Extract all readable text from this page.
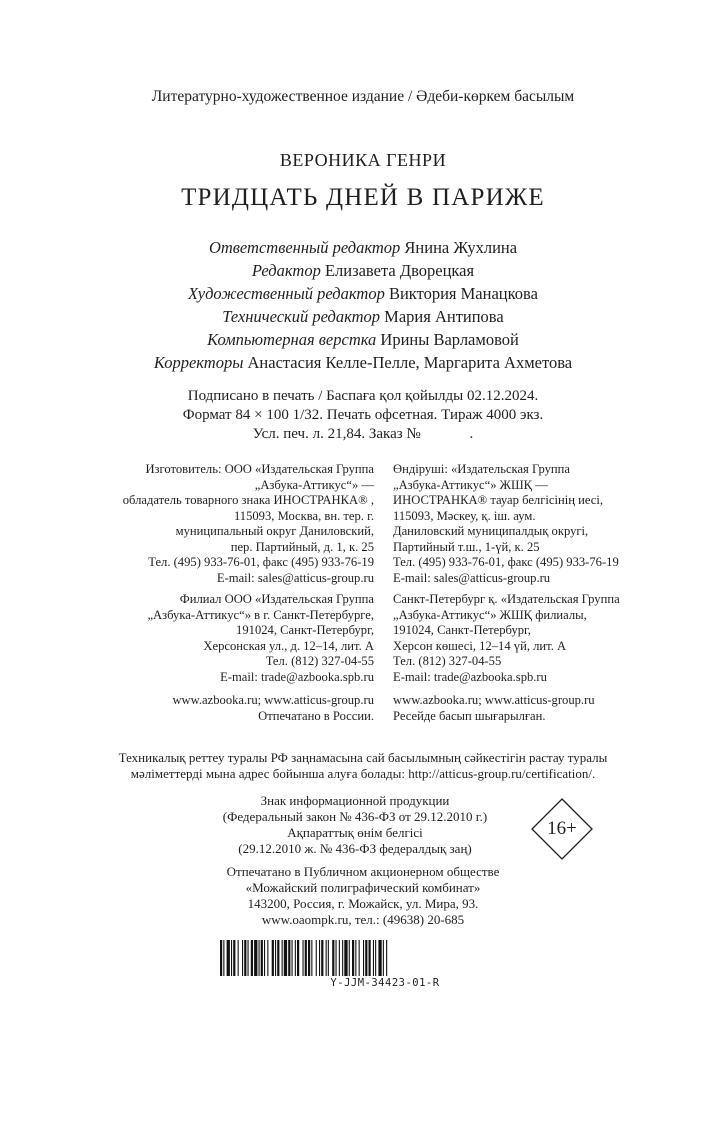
Литературно-художественное издание / Әдеби-көркем басылым
ВЕРОНИКА ГЕНРИ
ТРИДЦАТЬ ДНЕЙ В ПАРИЖЕ
Ответственный редактор Янина Жухлина
Редактор Елизавета Дворецкая
Художественный редактор Виктория Манацкова
Технический редактор Мария Антипова
Компьютерная верстка Ирины Варламовой
Корректоры Анастасия Келле-Пелле, Маргарита Ахметова
Подписано в печать / Баспаға қол қойылды 02.12.2024.
Формат 84 × 100 1/32. Печать офсетная. Тираж 4000 экз.
Усл. печ. л. 21,84. Заказ №             .
Изготовитель: ООО «Издательская Группа
„Азбука-Аттикус“» —
обладатель товарного знака ИНОСТРАНКА® ,
115093, Москва, вн. тер. г.
муниципальный округ Даниловский,
пер. Партийный, д. 1, к. 25
Тел. (495) 933-76-01, факс (495) 933-76-19
E-mail: sales@atticus-group.ru
Филиал ООО «Издательская Группа
„Азбука-Аттикус“» в г. Санкт-Петербурге,
191024, Санкт-Петербург,
Херсонская ул., д. 12–14, лит. А
Тел. (812) 327-04-55
E-mail: trade@azbooka.spb.ru
www.azbooka.ru; www.atticus-group.ru
Отпечатано в России.
Өндіруші: «Издательская Группа
„Азбука-Аттикус“» ЖШҚ —
ИНОСТРАНКА® тауар белгісінің иесі,
115093, Мәскеу, қ. іш. аум.
Даниловский муниципалдық округі,
Партийный т.ш., 1-үй, к. 25
Тел. (495) 933-76-01, факс (495) 933-76-19
E-mail: sales@atticus-group.ru
Санкт-Петербург қ. «Издательская Группа
„Азбука-Аттикус“» ЖШҚ филиалы,
191024, Санкт-Петербург,
Херсон көшесі, 12–14 үй, лит. А
Тел. (812) 327-04-55
E-mail: trade@azbooka.spb.ru
www.azbooka.ru; www.atticus-group.ru
Ресейде басып шығарылған.
Техникалық реттеу туралы РФ заңнамасына сай басылымның сәйкестігін растау туралы
мәліметтерді мына адрес бойынша алуға болады: http://atticus-group.ru/certification/.
Знак информационной продукции
(Федеральный закон № 436-ФЗ от 29.12.2010 г.)
Ақпараттық өнім белгісі
(29.12.2010 ж. № 436-ФЗ федералдық заң)
16+
Отпечатано в Публичном акционерном обществе
«Можайский полиграфический комбинат»
143200, Россия, г. Можайск, ул. Мира, 93.
www.oaompk.ru, тел.: (49638) 20-685
Y-JJM-34423-01-R
